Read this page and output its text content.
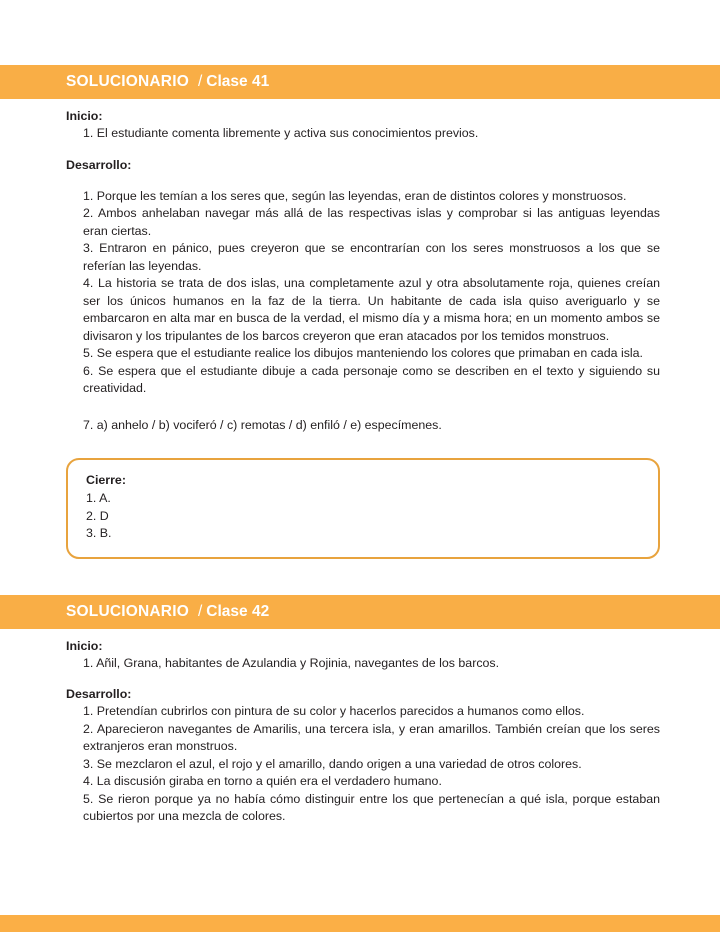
SOLUCIONARIO / Clase 41

Inicio:

1. El estudiante comenta libremente y activa sus conocimientos previos.

Desarrollo:

1. Porque les temían a los seres que, según las leyendas, eran de distintos colores y monstruosos.
2. Ambos anhelaban navegar más allá de las respectivas islas y comprobar si las antiguas leyendas eran ciertas.
3. Entraron en pánico, pues creyeron que se encontrarían con los seres monstruosos a los que se referían las leyendas.
4. La historia se trata de dos islas, una completamente azul y otra absolutamente roja, quienes creían ser los únicos humanos en la faz de la tierra. Un habitante de cada isla quiso averiguarlo y se embarcaron en alta mar en busca de la verdad, el mismo día y a misma hora; en un momento ambos se divisaron y los tripulantes de los barcos creyeron que eran atacados por los temidos monstruos.
5. Se espera que el estudiante realice los dibujos manteniendo los colores que primaban en cada isla.
6. Se espera que el estudiante dibuje a cada personaje como se describen en el texto y siguiendo su creatividad.
7. a) anhelo / b) vociferó / c) remotas / d) enfiló / e) especímenes.

Cierre:

1. A.
2. D
3. B.
SOLUCIONARIO / Clase 42

Inicio:

1. Añil, Grana, habitantes de Azulandia y Rojinia, navegantes de los barcos.

Desarrollo:

1. Pretendían cubrirlos con pintura de su color y hacerlos parecidos a humanos como ellos.
2. Aparecieron navegantes de Amarilis, una tercera isla, y eran amarillos. También creían que los seres extranjeros eran monstruos.
3. Se mezclaron el azul, el rojo y el amarillo, dando origen a una variedad de otros colores.
4. La discusión giraba en torno a quién era el verdadero humano.
5. Se rieron porque ya no había cómo distinguir entre los que pertenecían a qué isla, porque estaban cubiertos por una mezcla de colores.
